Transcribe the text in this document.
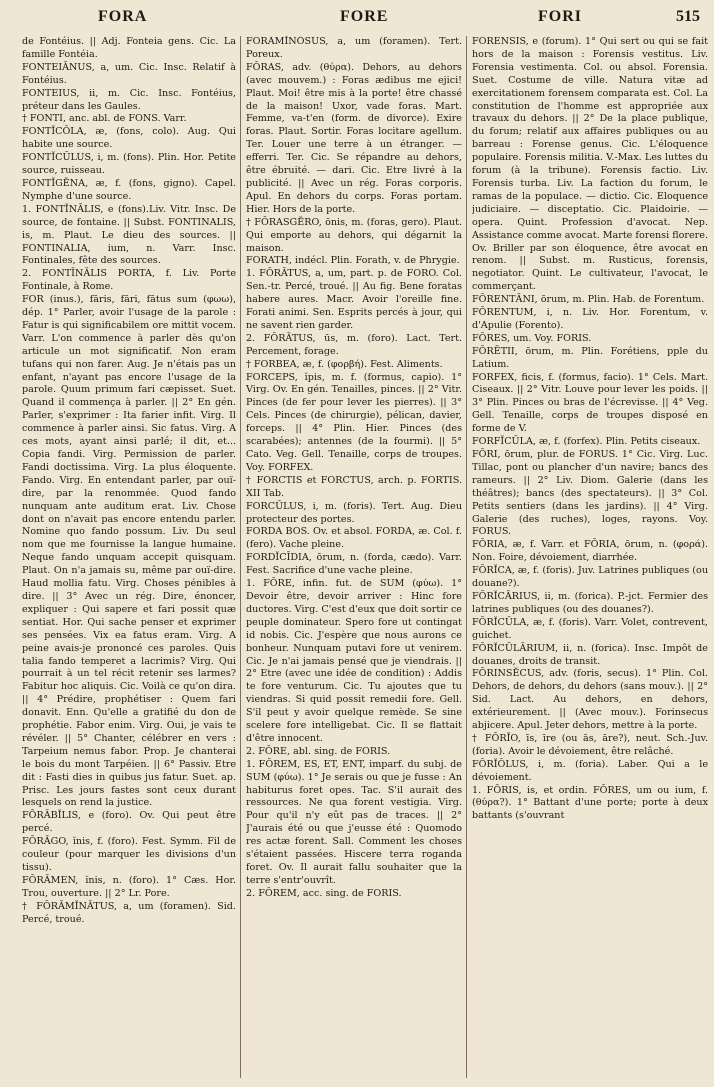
FORA	FORE	FORI	515

de Fontéius. || Adj. Fonteia gens. Cic. La famille Fontéia.

FONTEIĀNUS, a, um. Cic. Insc. Relatif à Fontéius.

FONTEIUS, ii, m. Cic. Insc. Fontéius, préteur dans les Gaules.

† FONTI, anc. abl. de FONS. Varr.

FONTĬCŎLA, æ, (fons, colo). Aug. Qui habite une source.

FONTĬCŬLUS, i, m. (fons). Plin. Hor. Petite source, ruisseau.

FONTĬGĔNA, æ, f. (fons, gigno). Capel. Nymphe d'une source.

1. FONTĬNĀLIS, e (fons).Liv. Vitr. Insc. De source, de fontaine. || Subst. FONTINALIS, is, m. Plaut. Le dieu des sources. || FONTINALIA, ium, n. Varr. Insc. Fontinales, fête des sources.

2. FONTĪNĀLIS PORTA, f. Liv. Porte Fontinale, à Rome.

FOR (inus.), fāris, fāri, fātus sum (φωω), dép. 1° Parler, avoir l'usage de la parole : Fatur is qui significabilem ore mittit vocem. Varr. L'on commence à parler dès qu'on articule un mot significatif. Non eram tufans qui non farer. Aug. Je n'étais pas un enfant, n'ayant pas encore l'usage de la parole. Quum primum fari cæpisset. Suet. Quand il commença à parler. || 2° En gén. Parler, s'exprimer : Ita farier infit. Virg. Il commence à parler ainsi. Sic fatus. Virg. A ces mots, ayant ainsi parlé; il dit, et... Copia fandi. Virg. Permission de parler. Fandi doctissima. Virg. La plus éloquente. Fando. Virg. En entendant parler, par ouï-dire, par la renommée. Quod fando nunquam ante auditum erat. Liv. Chose dont on n'avait pas encore entendu parler. Nomine quo fando possum. Liv. Du seul nom que me fournisse la langue humaine. Neque fando unquam accepit quisquam. Plaut. On n'a jamais su, même par ouï-dire. Haud mollia fatu. Virg. Choses pénibles à dire. || 3° Avec un rég. Dire, énoncer, expliquer : Qui sapere et fari possit quæ sentiat. Hor. Qui sache penser et exprimer ses pensées. Vix ea fatus eram. Virg. A peine avais-je prononcé ces paroles. Quis talia fando temperet a lacrimis? Virg. Qui pourrait à un tel récit retenir ses larmes? Fabitur hoc aliquis. Cic. Voilà ce qu'on dira. || 4° Prédire, prophétiser : Quem fari donavit. Enn. Qu'elle a gratifié du don de prophétie. Fabor enim. Virg. Oui, je vais te révéler. || 5° Chanter, célébrer en vers : Tarpeium nemus fabor. Prop. Je chanterai le bois du mont Tarpéien. || 6° Passiv. Etre dit : Fasti dies in quibus jus fatur. Suet. ap. Prisc. Les jours fastes sont ceux durant lesquels on rend la justice.

FŌRĀBĬLIS, e (foro). Ov. Qui peut être percé.

FŎRĀGO, ĭnis, f. (foro). Fest. Symm. Fil de couleur (pour marquer les divisions d'un tissu).

FŎRĀMEN, ĭnis, n. (foro). 1° Cæs. Hor. Trou, ouverture. || 2° Lr. Pore.

† FŎRĀMĬNĀTUS, a, um (foramen). Sid. Percé, troué.

FŎRĀMĬNŌSUS, a, um (foramen). Tert. Poreux.

FŎRAS, adv. (θύρα). Dehors, au dehors (avec mouvem.) : Foras ædibus me ejici! Plaut. Moi! être mis à la porte! être chassé de la maison! Uxor, vade foras. Mart. Femme, va-t'en (form. de divorce). Exire foras. Plaut. Sortir. Foras locitare agellum. Ter. Louer une terre à un étranger. — efferri. Ter. Cic. Se répandre au dehors, être ébruité. — dari. Cic. Etre livré à la publicité. || Avec un rég. Foras corporis. Apul. En dehors du corps. Foras portam. Hier. Hors de la porte.

† FŎRASGĔRO, ōnis, m. (foras, gero). Plaut. Qui emporte au dehors, qui dégarnit la maison.

FORATH, indécl. Plin. Forath, v. de Phrygie.

1. FŎRĀTUS, a, um, part. p. de FORO. Col. Sen.-tr. Percé, troué. || Au fig. Bene foratas habere aures. Macr. Avoir l'oreille fine. Forati animi. Sen. Esprits percés à jour, qui ne savent rien garder.

2. FŎRĀTUS, ūs, m. (foro). Lact. Tert. Percement, forage.

† FORBEA, æ, f. (φορβή). Fest. Aliments.

FORCEPS, ĭpis, m. f. (formus, capio). 1° Virg. Ov. En gén. Tenailles, pinces. || 2° Vitr. Pinces (de fer pour lever les pierres). || 3° Cels. Pinces (de chirurgie), pélican, davier, forceps. || 4° Plin. Hier. Pinces (des scarabées); antennes (de la fourmi). || 5° Cato. Veg. Gell. Tenaille, corps de troupes. Voy. FORFEX.

† FORCTIS et FORCTUS, arch. p. FORTIS. XII Tab.

FORCŬLUS, i, m. (foris). Tert. Aug. Dieu protecteur des portes.

FORDA BOS. Ov. et absol. FORDA, æ. Col. f. (fero). Vache pleine.

FORDĬCĪDIA, ōrum, n. (forda, cædo). Varr. Fest. Sacrifice d'une vache pleine.

1. FŎRE, infin. fut. de SUM (φύω). 1° Devoir être, devoir arriver : Hinc fore ductores. Virg. C'est d'eux que doit sortir ce peuple dominateur. Spero fore ut contingat id nobis. Cic. J'espère que nous aurons ce bonheur. Nunquam putavi fore ut venirem. Cic. Je n'ai jamais pensé que je viendrais. || 2° Etre (avec une idée de condition) : Addis te fore venturum. Cic. Tu ajoutes que tu viendras. Si quid possit remedii fore. Gell. S'il peut y avoir quelque remède. Se sine scelere fore intelligebat. Cic. Il se flattait d'être innocent.

2. FŎRE, abl. sing. de FORIS.

1. FŎREM, ES, ET, ENT, imparf. du subj. de SUM (φύω). 1° Je serais ou que je fusse : An habiturus foret opes. Tac. S'il aurait des ressources. Ne qua forent vestigia. Virg. Pour qu'il n'y eût pas de traces. || 2° J'aurais été ou que j'eusse été : Quomodo res actæ forent. Sall. Comment les choses s'étaient passées. Hiscere terra roganda foret. Ov. Il aurait fallu souhaiter que la terre s'entr'ouvrît.

2. FŎREM, acc. sing. de FORIS.

FŎRENSIS, e (forum). 1° Qui sert ou qui se fait hors de la maison : Forensis vestitus. Liv. Forensia vestimenta. Col. ou absol. Forensia. Suet. Costume de ville. Natura vitæ ad exercitationem forensem comparata est. Col. La constitution de l'homme est appropriée aux travaux du dehors. || 2° De la place publique, du forum; relatif aux affaires publiques ou au barreau : Forense genus. Cic. L'éloquence populaire. Forensis militia. V.-Max. Les luttes du forum (à la tribune). Forensis factio. Liv. Forensis turba. Liv. La faction du forum, le ramas de la populace. — dictio. Cic. Eloquence judiciaire. — disceptatio. Cic. Plaidoirie. — opera. Quint. Profession d'avocat. Nep. Assistance comme avocat. Marte forensi florere. Ov. Briller par son éloquence, être avocat en renom. || Subst. m. Rusticus, forensis, negotiator. Quint. Le cultivateur, l'avocat, le commerçant.

FŎRENTĀNI, ōrum, m. Plin. Hab. de Forentum.

FŎRENTUM, i, n. Liv. Hor. Forentum, v. d'Apulie (Forento).

FŎRES, um. Voy. FORIS.

FŎRĒTII, ōrum, m. Plin. Forétiens, pple du Latium.

FORFEX, ficis, f. (formus, facio). 1° Cels. Mart. Ciseaux. || 2° Vitr. Louve pour lever les poids. || 3° Plin. Pinces ou bras de l'écrevisse. || 4° Veg. Gell. Tenaille, corps de troupes disposé en forme de V.

FORFĬCŬLA, æ, f. (forfex). Plin. Petits ciseaux.

FŎRI, ōrum, plur. de FORUS. 1° Cic. Virg. Luc. Tillac, pont ou plancher d'un navire; bancs des rameurs. || 2° Liv. Diom. Galerie (dans les théâtres); bancs (des spectateurs). || 3° Col. Petits sentiers (dans les jardins). || 4° Virg. Galerie (des ruches), loges, rayons. Voy. FORUS.

FŎRIA, æ, f. Varr. et FŎRIA, ōrum, n. (φορά). Non. Foire, dévoiement, diarrhée.

FŎRĬCA, æ, f. (foris). Juv. Latrines publiques (ou douane?).

FŎRĬCĀRIUS, ii, m. (forica). P.-jct. Fermier des latrines publiques (ou des douanes?).

FŎRĬCŬLA, æ, f. (foris). Varr. Volet, contrevent, guichet.

FŎRĬCŬLĀRIUM, ii, n. (forica). Insc. Impôt de douanes, droits de transit.

FŎRINSĔCUS, adv. (foris, secus). 1° Plin. Col. Dehors, de dehors, du dehors (sans mouv.). || 2° Sid. Lact. Au dehors, en dehors, extérieurement. || (Avec mouv.). Forinsecus abjicere. Apul. Jeter dehors, mettre à la porte.

† FŎRĬO, īs, īre (ou ās, āre?), neut. Sch.-Juv. (foria). Avoir le dévoiement, être relâché.

FŎRĬŎLUS, i, m. (foria). Laber. Qui a le dévoiement.

1. FŎRIS, is, et ordin. FŎRES, um ou ium, f. (θύρα?). 1° Battant d'une porte; porte à deux battants (s'ouvrant
